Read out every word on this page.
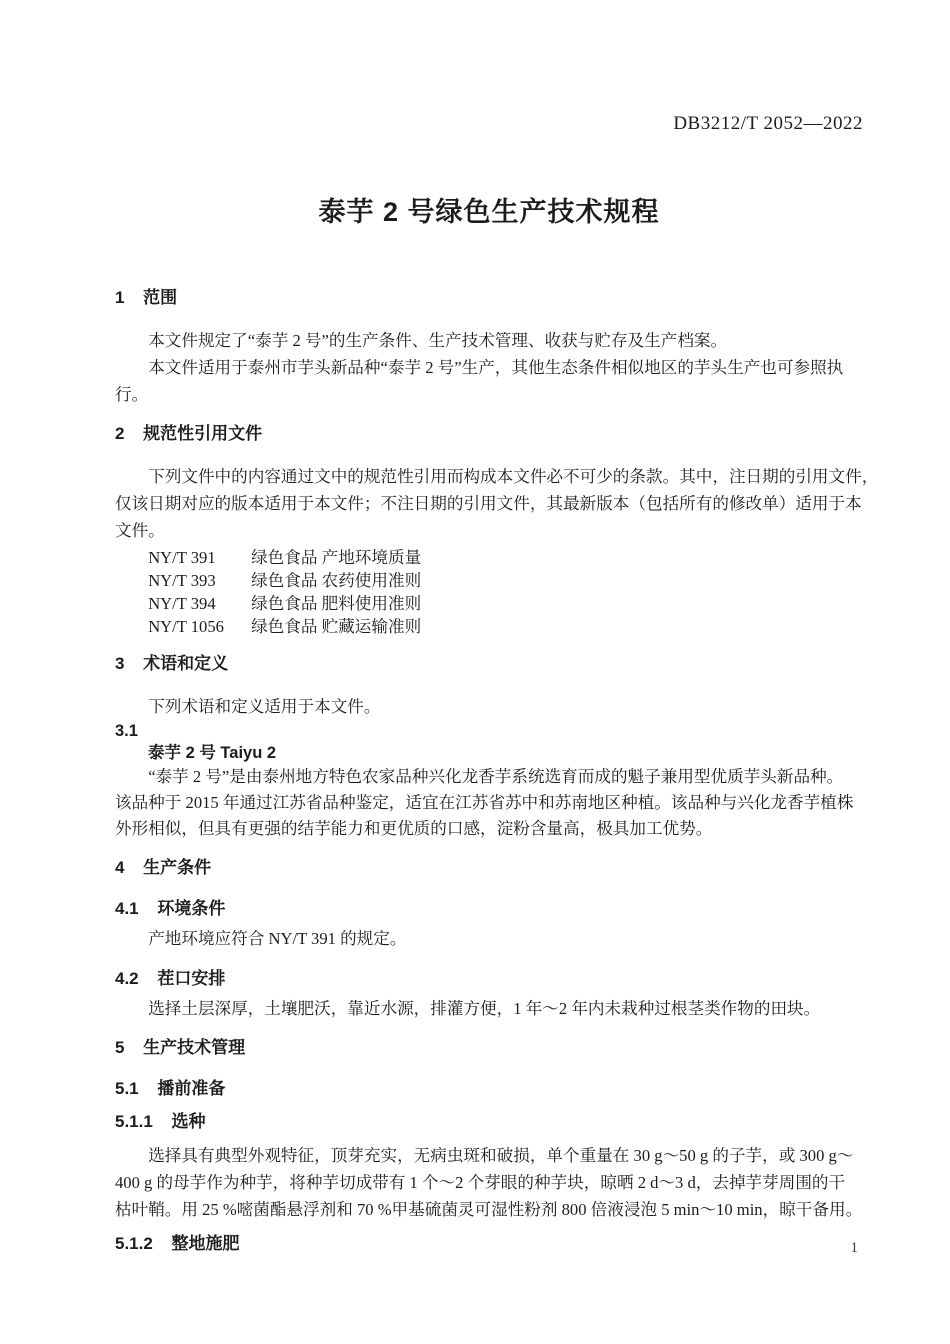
DB3212/T 2052—2022
泰芋 2 号绿色生产技术规程
1 范围
本文件规定了“泰芋 2 号”的生产条件、生产技术管理、收获与贮存及生产档案。
本文件适用于泰州市芋头新品种“泰芋 2 号”生产，其他生态条件相似地区的芋头生产也可参照执
行。
2 规范性引用文件
下列文件中的内容通过文中的规范性引用而构成本文件必不可少的条款。其中，注日期的引用文件，
仅该日期对应的版本适用于本文件；不注日期的引用文件，其最新版本（包括所有的修改单）适用于本
文件。
NY/T 391 绿色食品 产地环境质量
NY/T 393 绿色食品 农药使用准则
NY/T 394 绿色食品 肥料使用准则
NY/T 1056 绿色食品 贮藏运输准则
3 术语和定义
下列术语和定义适用于本文件。
3.1
泰芋 2 号 Taiyu 2
“泰芋 2 号”是由泰州地方特色农家品种兴化龙香芋系统选育而成的魁子兼用型优质芋头新品种。
该品种于 2015 年通过江苏省品种鉴定，适宜在江苏省苏中和苏南地区种植。该品种与兴化龙香芋植株
外形相似，但具有更强的结芋能力和更优质的口感，淀粉含量高，极具加工优势。
4 生产条件
4.1 环境条件
产地环境应符合 NY/T 391 的规定。
4.2 茬口安排
选择土层深厚，土壤肥沃，靠近水源，排灌方便，1 年～2 年内未栽种过根茎类作物的田块。
5 生产技术管理
5.1 播前准备
5.1.1 选种
选择具有典型外观特征，顶芽充实，无病虫斑和破损，单个重量在 30 g～50 g 的子芋，或 300 g～
400 g 的母芋作为种芋，将种芋切成带有 1 个～2 个芽眼的种芋块，晾晒 2 d～3 d，去掉芋芽周围的干
枯叶鞘。用 25 %嘧菌酯悬浮剂和 70 %甲基硫菌灵可湿性粉剂 800 倍液浸泡 5 min～10 min，晾干备用。
5.1.2 整地施肥	1
